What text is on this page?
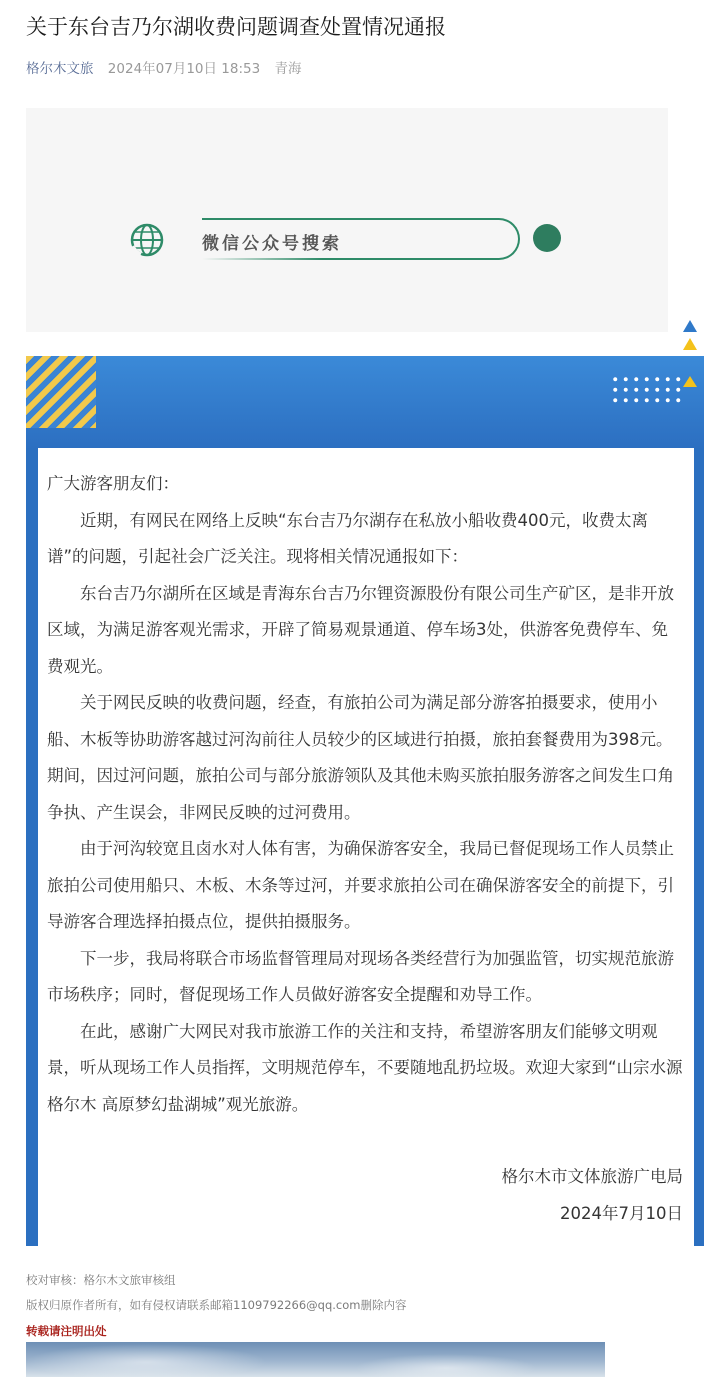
关于东台吉乃尔湖收费问题调查处置情况通报
格尔木文旅 2024年07月10日 18:53 青海
微信公众号搜索

广大游客朋友们：

近期，有网民在网络上反映“东台吉乃尔湖存在私放小船收费400元，收费太离谱”的问题，引起社会广泛关注。现将相关情况通报如下：

东台吉乃尔湖所在区域是青海东台吉乃尔锂资源股份有限公司生产矿区，是非开放区域，为满足游客观光需求，开辟了简易观景通道、停车场3处，供游客免费停车、免费观光。

关于网民反映的收费问题，经查，有旅拍公司为满足部分游客拍摄要求，使用小船、木板等协助游客越过河沟前往人员较少的区域进行拍摄，旅拍套餐费用为398元。期间，因过河问题，旅拍公司与部分旅游领队及其他未购买旅拍服务游客之间发生口角争执、产生误会，非网民反映的过河费用。

由于河沟较宽且卤水对人体有害，为确保游客安全，我局已督促现场工作人员禁止旅拍公司使用船只、木板、木条等过河，并要求旅拍公司在确保游客安全的前提下，引导游客合理选择拍摄点位，提供拍摄服务。

下一步，我局将联合市场监督管理局对现场各类经营行为加强监管，切实规范旅游市场秩序；同时，督促现场工作人员做好游客安全提醒和劝导工作。

在此，感谢广大网民对我市旅游工作的关注和支持，希望游客朋友们能够文明观景，听从现场工作人员指挥，文明规范停车，不要随地乱扔垃圾。欢迎大家到“山宗水源格尔木 高原梦幻盐湖城”观光旅游。

格尔木市文体旅游广电局

2024年7月10日

校对审核：格尔木文旅审核组
版权归原作者所有，如有侵权请联系邮箱1109792266@qq.com删除内容
转载请注明出处
